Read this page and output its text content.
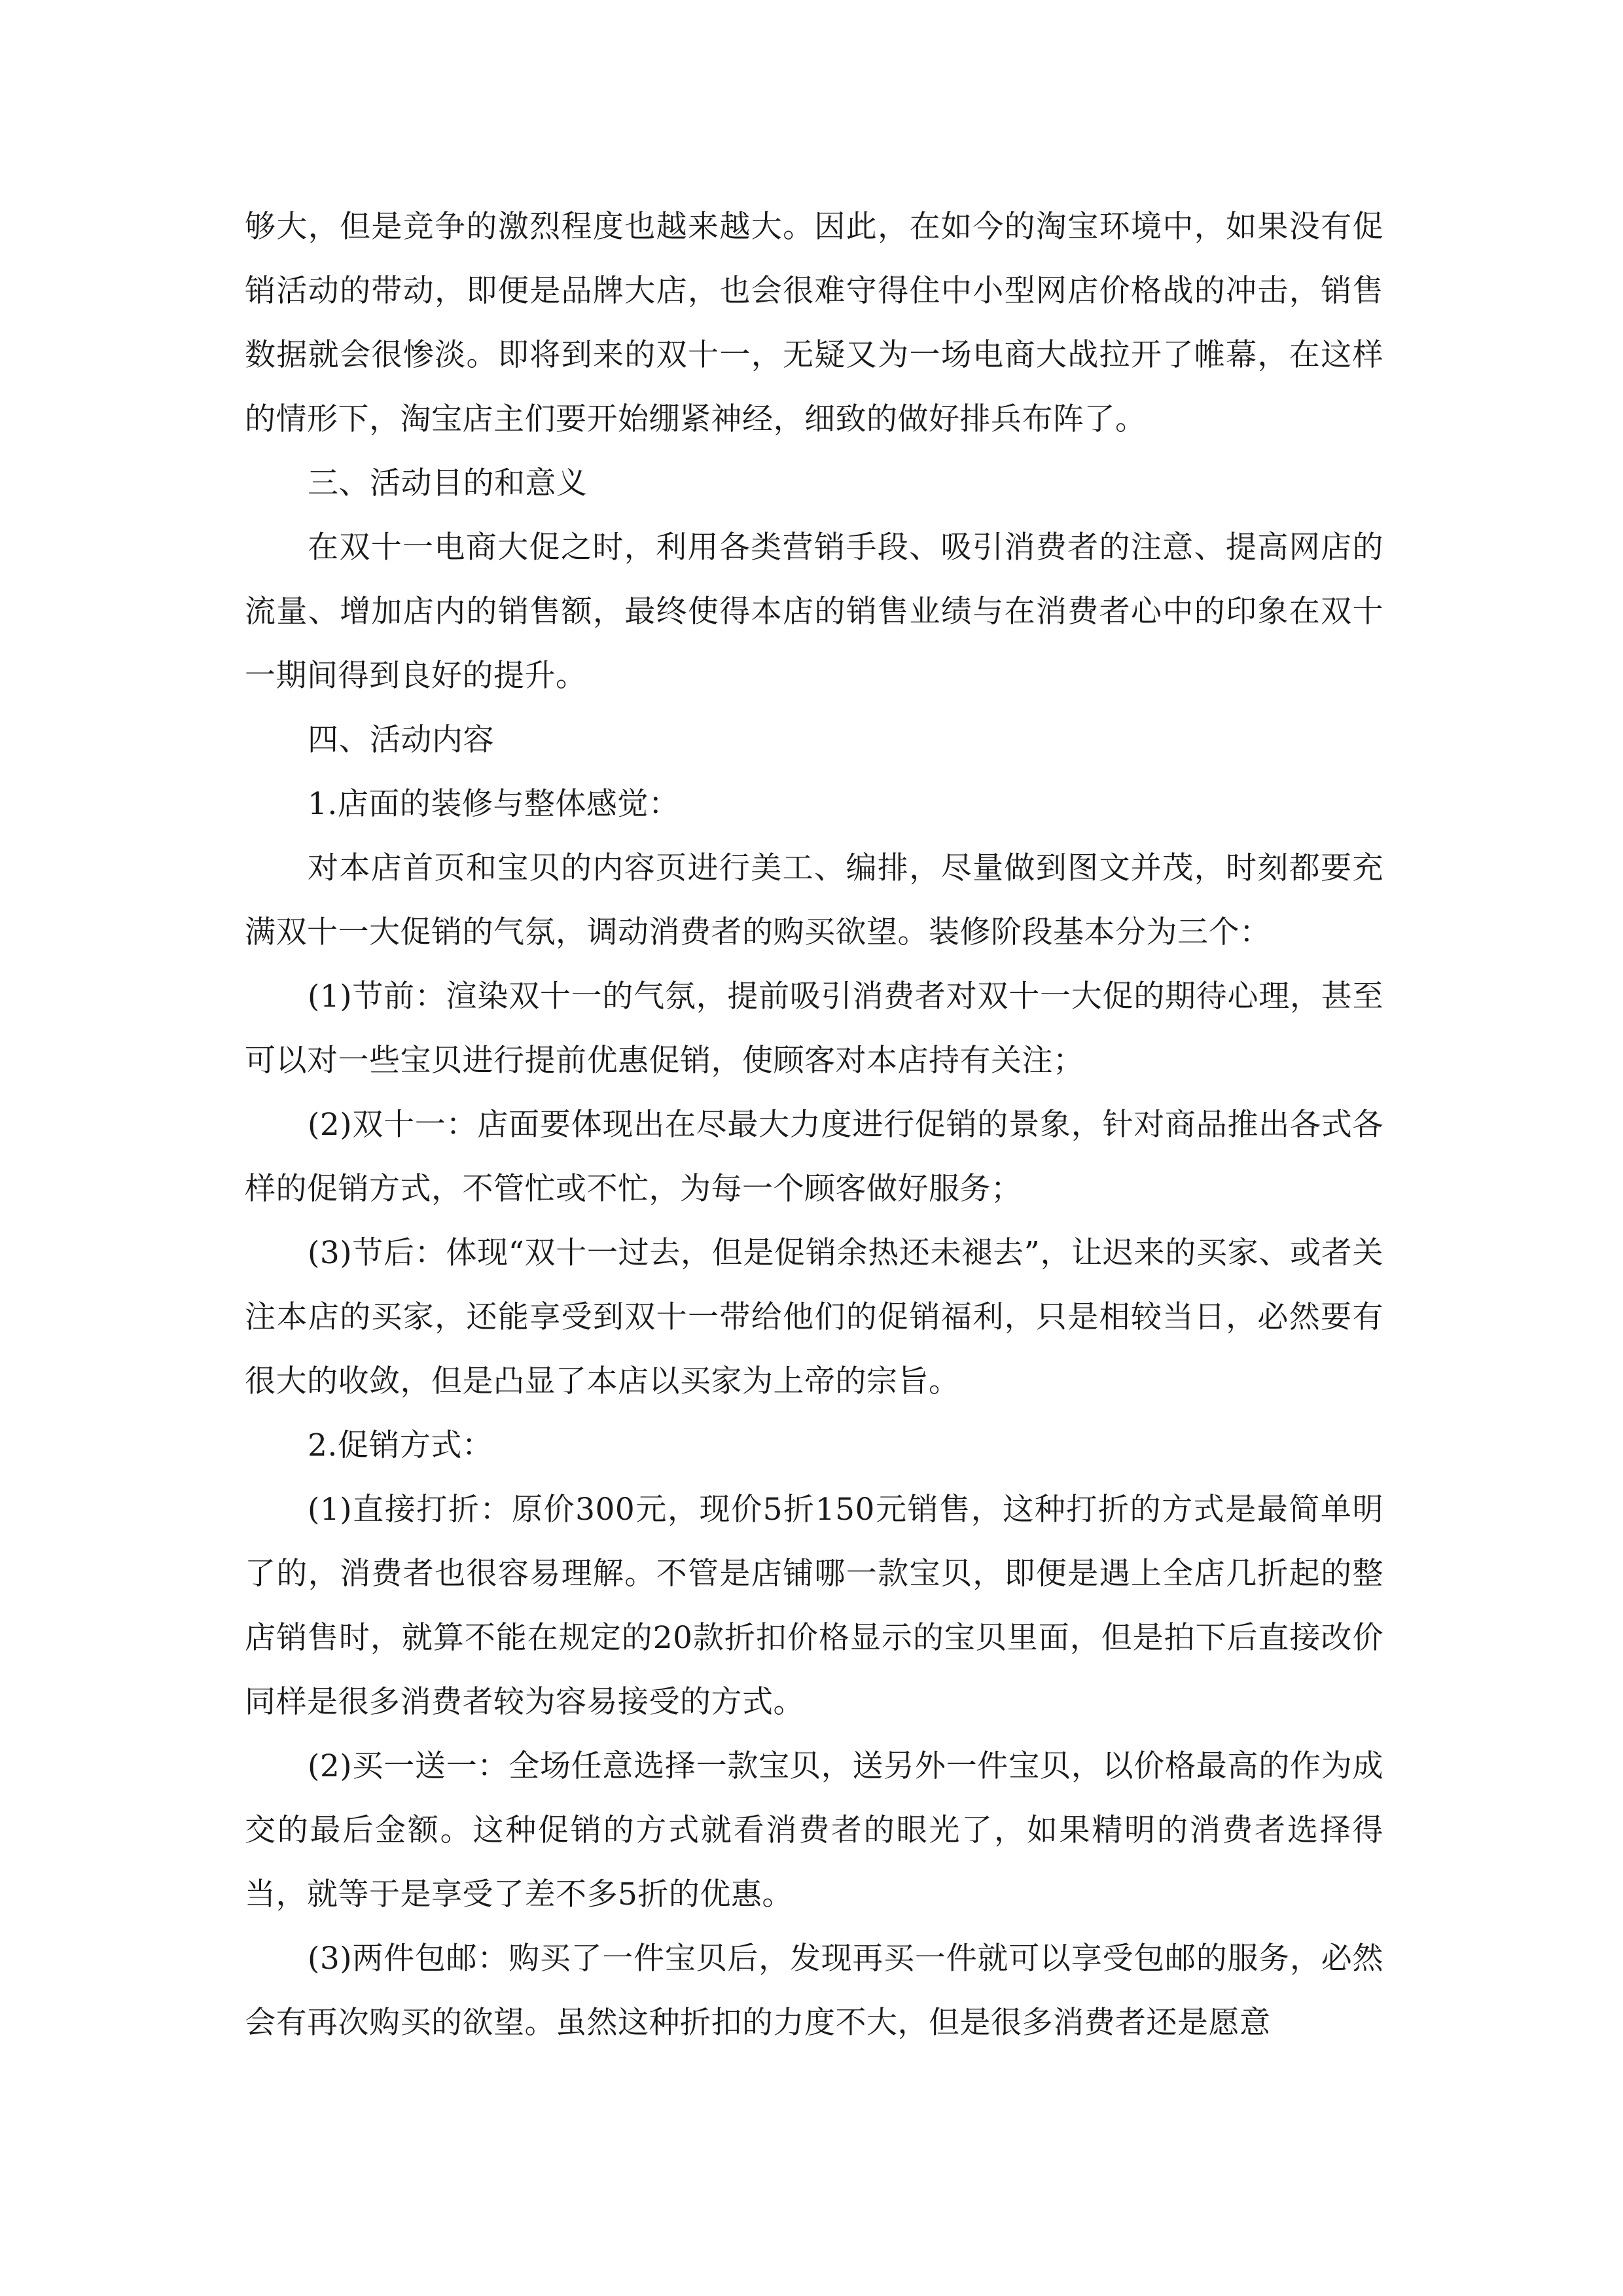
够大，但是竞争的激烈程度也越来越大。因此，在如今的淘宝环境中，如果没有促销活动的带动，即便是品牌大店，也会很难守得住中小型网店价格战的冲击，销售数据就会很惨淡。即将到来的双十一，无疑又为一场电商大战拉开了帷幕，在这样的情形下，淘宝店主们要开始绷紧神经，细致的做好排兵布阵了。

三、活动目的和意义

在双十一电商大促之时，利用各类营销手段、吸引消费者的注意、提高网店的流量、增加店内的销售额，最终使得本店的销售业绩与在消费者心中的印象在双十一期间得到良好的提升。

四、活动内容

1.店面的装修与整体感觉：

对本店首页和宝贝的内容页进行美工、编排，尽量做到图文并茂，时刻都要充满双十一大促销的气氛，调动消费者的购买欲望。装修阶段基本分为三个：

(1)节前：渲染双十一的气氛，提前吸引消费者对双十一大促的期待心理，甚至可以对一些宝贝进行提前优惠促销，使顾客对本店持有关注；

(2)双十一：店面要体现出在尽最大力度进行促销的景象，针对商品推出各式各样的促销方式，不管忙或不忙，为每一个顾客做好服务；

(3)节后：体现“双十一过去，但是促销余热还未褪去”，让迟来的买家、或者关注本店的买家，还能享受到双十一带给他们的促销福利，只是相较当日，必然要有很大的收敛，但是凸显了本店以买家为上帝的宗旨。

2.促销方式：

(1)直接打折：原价300元，现价5折150元销售，这种打折的方式是最简单明了的，消费者也很容易理解。不管是店铺哪一款宝贝，即便是遇上全店几折起的整店销售时，就算不能在规定的20款折扣价格显示的宝贝里面，但是拍下后直接改价同样是很多消费者较为容易接受的方式。

(2)买一送一：全场任意选择一款宝贝，送另外一件宝贝，以价格最高的作为成交的最后金额。这种促销的方式就看消费者的眼光了，如果精明的消费者选择得当，就等于是享受了差不多5折的优惠。

(3)两件包邮：购买了一件宝贝后，发现再买一件就可以享受包邮的服务，必然会有再次购买的欲望。虽然这种折扣的力度不大，但是很多消费者还是愿意
